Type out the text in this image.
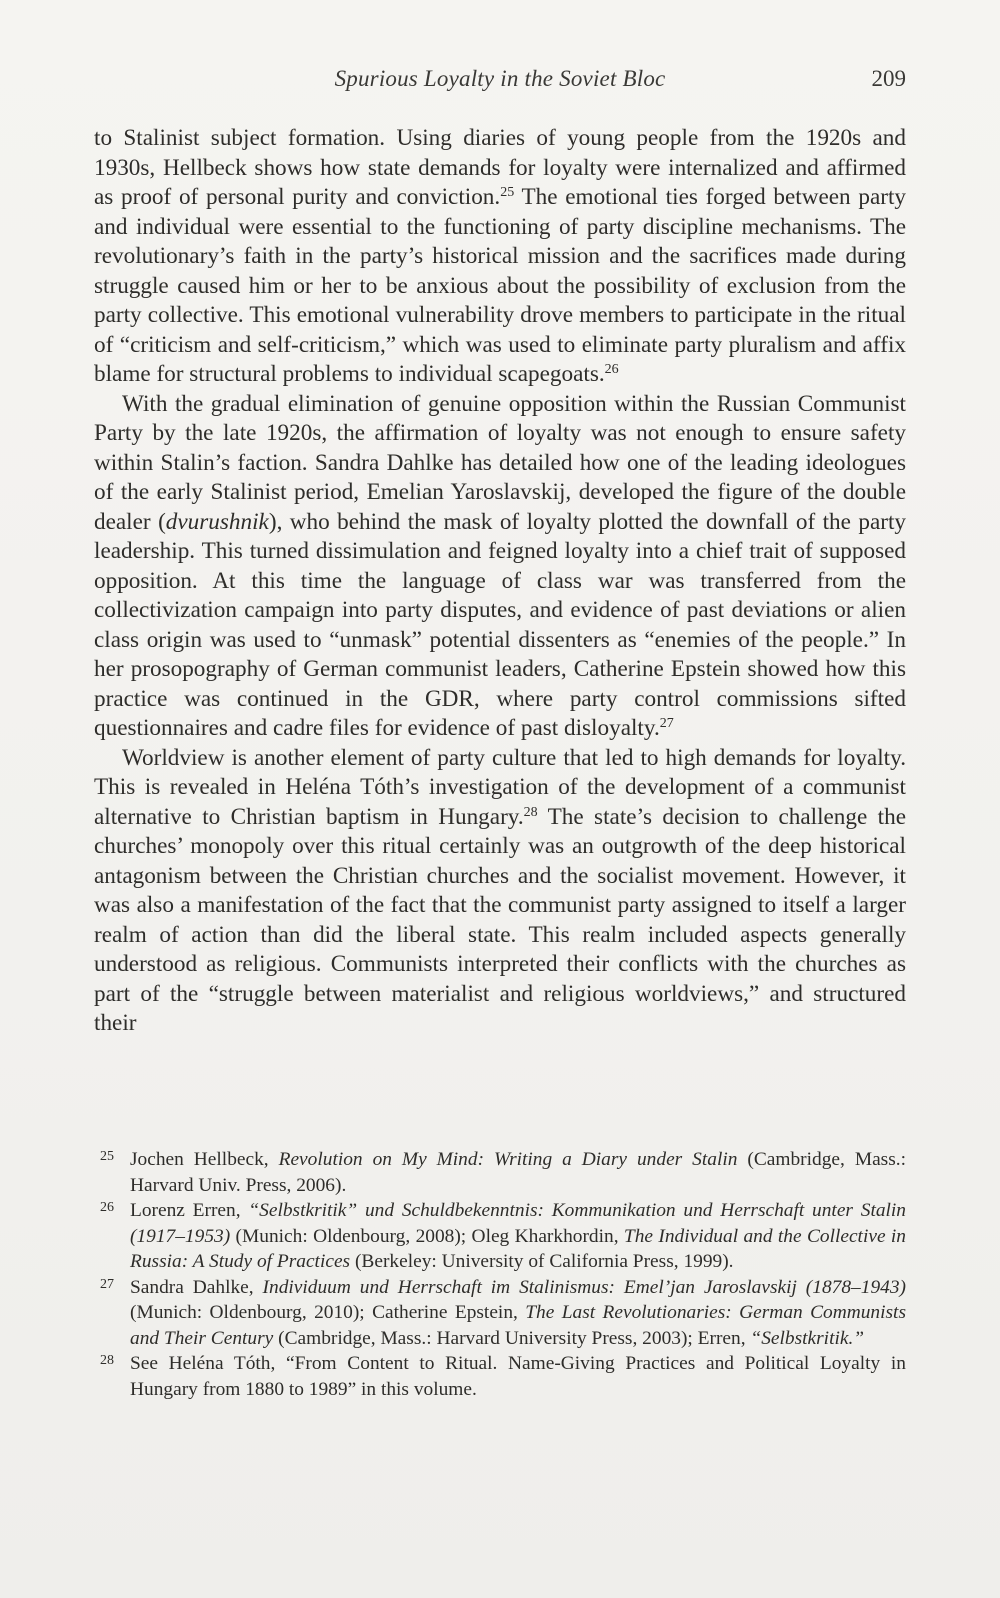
Spurious Loyalty in the Soviet Bloc	209

to Stalinist subject formation. Using diaries of young people from the 1920s and 1930s, Hellbeck shows how state demands for loyalty were internalized and affirmed as proof of personal purity and conviction.$^{25}$ The emotional ties forged between party and individual were essential to the functioning of party discipline mechanisms. The revolutionary’s faith in the party’s historical mission and the sacrifices made during struggle caused him or her to be anxious about the possibility of exclusion from the party collective. This emotional vulnerability drove members to participate in the ritual of “criticism and self-criticism,” which was used to eliminate party pluralism and affix blame for structural problems to individual scapegoats.$^{26}$

With the gradual elimination of genuine opposition within the Russian Communist Party by the late 1920s, the affirmation of loyalty was not enough to ensure safety within Stalin’s faction. Sandra Dahlke has detailed how one of the leading ideologues of the early Stalinist period, Emelian Yaroslavskij, developed the figure of the double dealer (dvurushnik), who behind the mask of loyalty plotted the downfall of the party leadership. This turned dissimulation and feigned loyalty into a chief trait of supposed opposition. At this time the language of class war was transferred from the collectivization campaign into party disputes, and evidence of past deviations or alien class origin was used to “unmask” potential dissenters as “enemies of the people.” In her prosopography of German communist leaders, Catherine Epstein showed how this practice was continued in the GDR, where party control commissions sifted questionnaires and cadre files for evidence of past disloyalty.$^{27}$

Worldview is another element of party culture that led to high demands for loyalty. This is revealed in Heléna Tóth’s investigation of the development of a communist alternative to Christian baptism in Hungary.$^{28}$ The state’s decision to challenge the churches’ monopoly over this ritual certainly was an outgrowth of the deep historical antagonism between the Christian churches and the socialist movement. However, it was also a manifestation of the fact that the communist party assigned to itself a larger realm of action than did the liberal state. This realm included aspects generally understood as religious. Communists interpreted their conflicts with the churches as part of the “struggle between materialist and religious worldviews,” and structured their

25 Jochen Hellbeck, Revolution on My Mind: Writing a Diary under Stalin (Cambridge, Mass.: Harvard Univ. Press, 2006).
26 Lorenz Erren, “Selbstkritik” und Schuldbekenntnis: Kommunikation und Herrschaft unter Stalin (1917–1953) (Munich: Oldenbourg, 2008); Oleg Kharkhordin, The Individual and the Collective in Russia: A Study of Practices (Berkeley: University of California Press, 1999).
27 Sandra Dahlke, Individuum und Herrschaft im Stalinismus: Emel’jan Jaroslavskij (1878–1943) (Munich: Oldenbourg, 2010); Catherine Epstein, The Last Revolutionaries: German Communists and Their Century (Cambridge, Mass.: Harvard University Press, 2003); Erren, “Selbstkritik.”
28 See Heléna Tóth, “From Content to Ritual. Name-Giving Practices and Political Loyalty in Hungary from 1880 to 1989” in this volume.
